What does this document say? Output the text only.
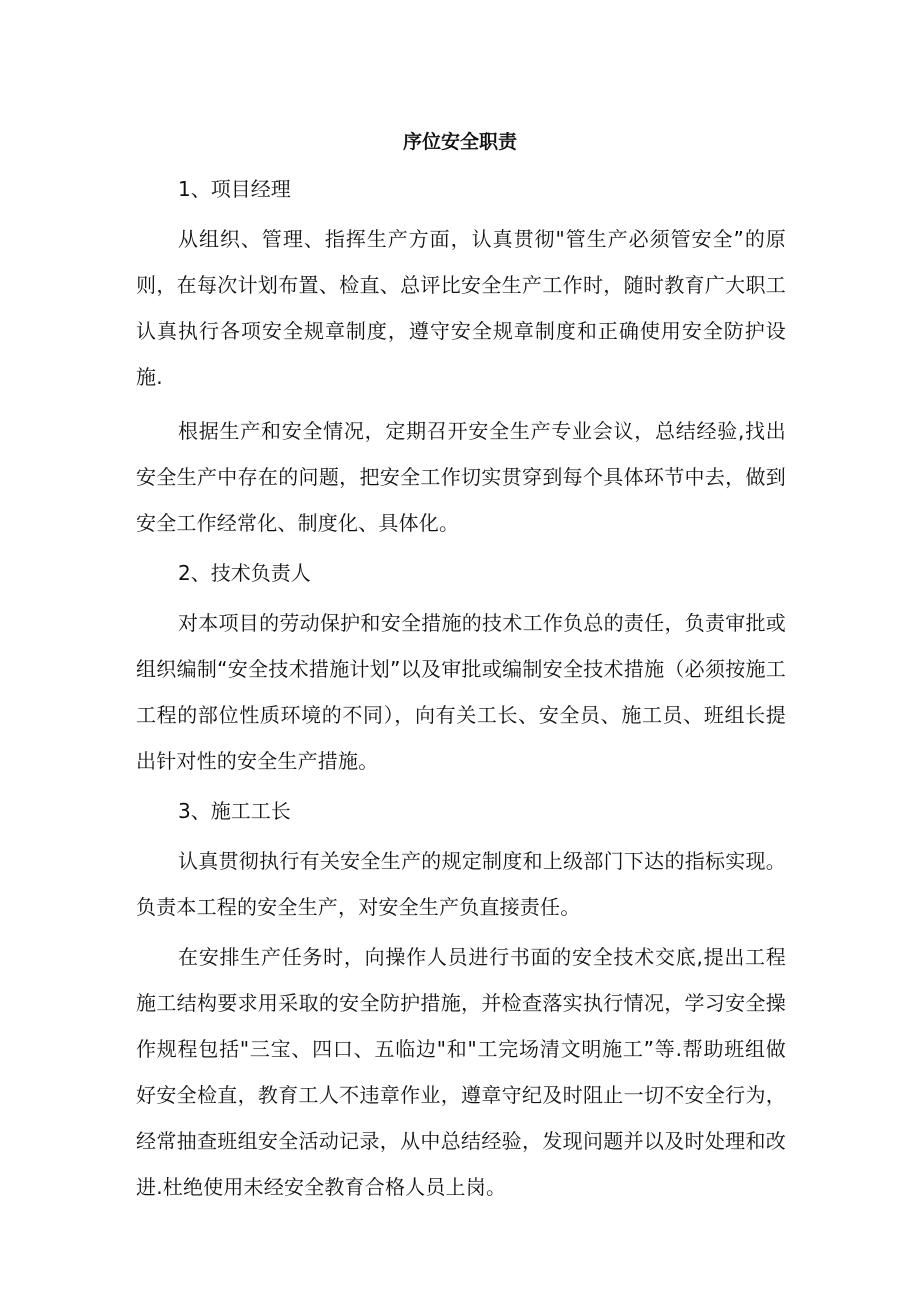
序位安全职责
1、项目经理

从组织、管理、指挥生产方面，认真贯彻"管生产必须管安全”的原则，在每次计划布置、检直、总评比安全生产工作时，随时教育广大职工认真执行各项安全规章制度，遵守安全规章制度和正确使用安全防护设施.

根据生产和安全情况，定期召开安全生产专业会议，总结经验,找出安全生产中存在的问题，把安全工作切实贯穿到每个具体环节中去，做到安全工作经常化、制度化、具体化。

2、技术负责人

对本项目的劳动保护和安全措施的技术工作负总的责任，负责审批或组织编制“安全技术措施计划”以及审批或编制安全技术措施（必须按施工工程的部位性质环境的不同），向有关工长、安全员、施工员、班组长提出针对性的安全生产措施。

3、施工工长

认真贯彻执行有关安全生产的规定制度和上级部门下达的指标实现。负责本工程的安全生产，对安全生产负直接责任。

在安排生产任务时，向操作人员进行书面的安全技术交底,提出工程施工结构要求用采取的安全防护措施，并检查落实执行情况，学习安全操作规程包括"三宝、四口、五临边"和"工完场清文明施工”等.帮助班组做好安全检直，教育工人不违章作业，遵章守纪及时阻止一切不安全行为，经常抽查班组安全活动记录，从中总结经验，发现问题并以及时处理和改进.杜绝使用未经安全教育合格人员上岗。
